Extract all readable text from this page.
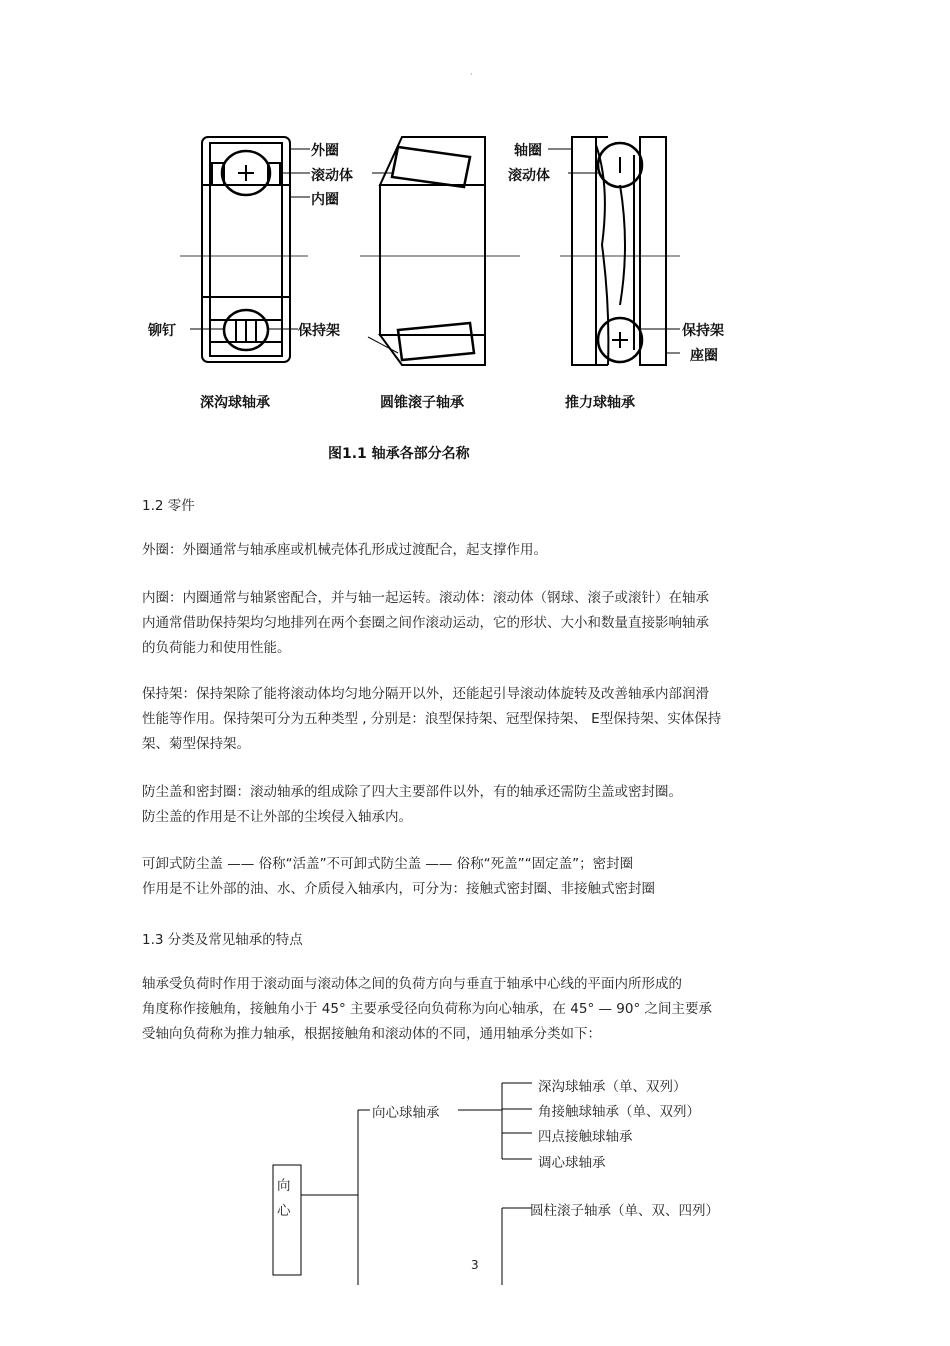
·
外圈
滚动体
内圈
铆钉	保持架
轴圈
滚动体
保持架
座圈
深沟球轴承	圆锥滚子轴承	推力球轴承
图1.1 轴承各部分名称
1.2 零件

外圈：外圈通常与轴承座或机械壳体孔形成过渡配合，起支撑作用。

内圈：内圈通常与轴紧密配合，并与轴一起运转。滚动体：滚动体（钢球、滚子或滚针）在轴承

内通常借助保持架均匀地排列在两个套圈之间作滚动运动，它的形状、大小和数量直接影响轴承

的负荷能力和使用性能。

保持架：保持架除了能将滚动体均匀地分隔开以外，还能起引导滚动体旋转及改善轴承内部润滑

性能等作用。保持架可分为五种类型 , 分别是：浪型保持架、冠型保持架、 E型保持架、实体保持

架、菊型保持架。

防尘盖和密封圈：滚动轴承的组成除了四大主要部件以外，有的轴承还需防尘盖或密封圈。

防尘盖的作用是不让外部的尘埃侵入轴承内。

可卸式防尘盖 —— 俗称“活盖”不可卸式防尘盖 —— 俗称“死盖”“固定盖”；密封圈

作用是不让外部的油、水、介质侵入轴承内，可分为：接触式密封圈、非接触式密封圈

1.3 分类及常见轴承的特点

轴承受负荷时作用于滚动面与滚动体之间的负荷方向与垂直于轴承中心线的平面内所形成的

角度称作接触角，接触角小于 45° 主要承受径向负荷称为向心轴承，在 45° — 90° 之间主要承

受轴向负荷称为推力轴承，根据接触角和滚动体的不同，通用轴承分类如下：

向
心
向心球轴承
深沟球轴承（单、双列）
角接触球轴承（单、双列）
四点接触球轴承
调心球轴承
圆柱滚子轴承（单、双、四列）
3
